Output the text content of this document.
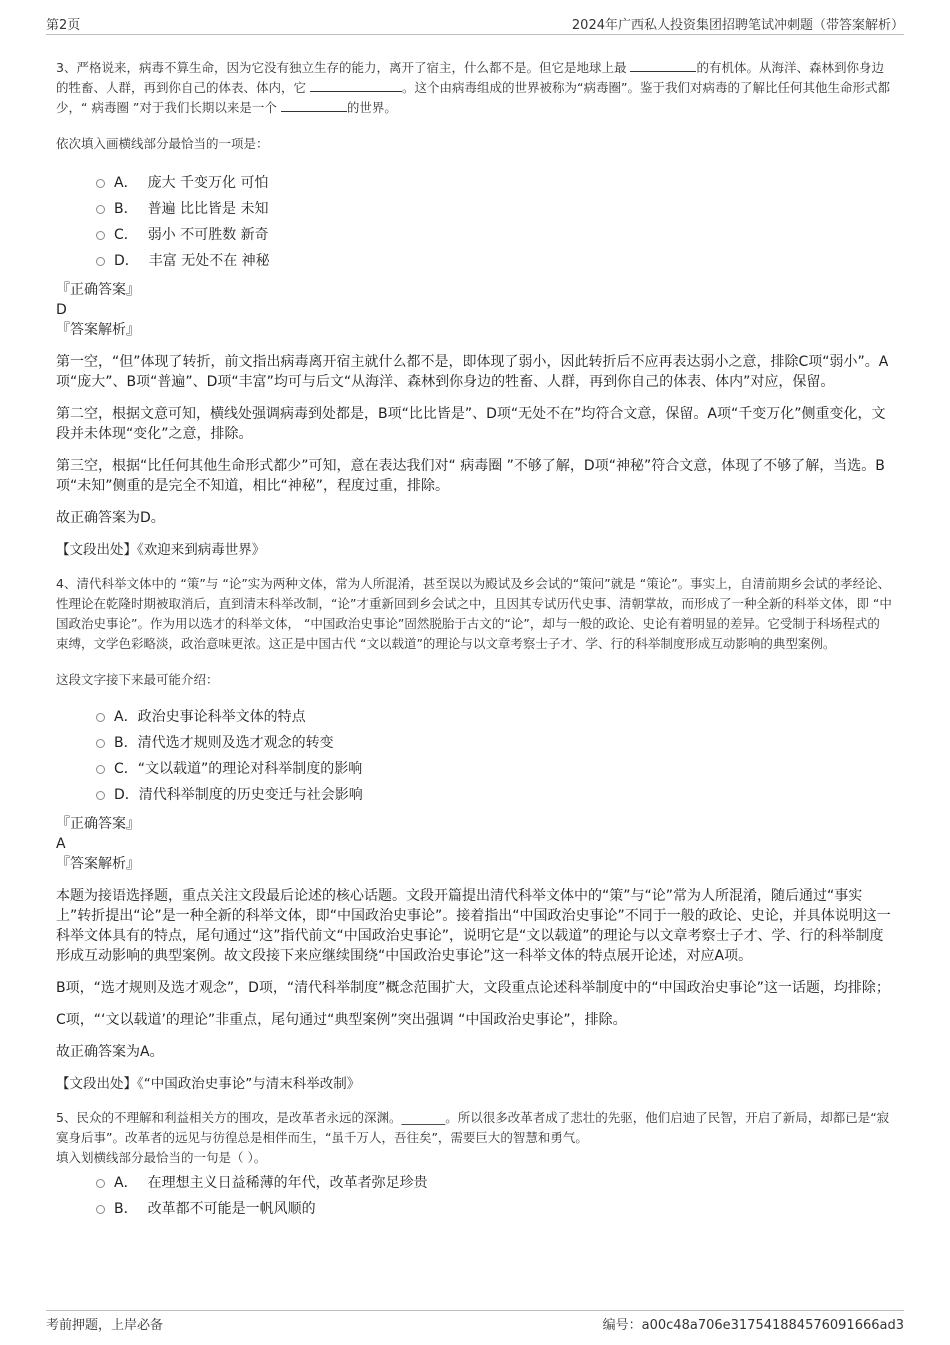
第2页	2024年广西私人投资集团招聘笔试冲刺题（带答案解析）

3、严格说来，病毒不算生命，因为它没有独立生存的能力，离开了宿主，什么都不是。但它是地球上最	的有机体。从海洋、森林到你身边的牲畜、人群，再到你自己的体表、体内，它	。这个由病毒组成的世界被称为“病毒圈”。鉴于我们对病毒的了解比任何其他生命形式都少，“ 病毒圈 ”对于我们长期以来是一个	的世界。

依次填入画横线部分最恰当的一项是：

A． 庞大 千变万化 可怕
B． 普遍 比比皆是 未知
C． 弱小 不可胜数 新奇
D． 丰富 无处不在 神秘

『正确答案』

D

『答案解析』

第一空，“但”体现了转折，前文指出病毒离开宿主就什么都不是，即体现了弱小，因此转折后不应再表达弱小之意，排除C项“弱小”。A项“庞大”、B项“普遍”、D项“丰富”均可与后文“从海洋、森林到你身边的牲畜、人群，再到你自己的体表、体内”对应，保留。

第二空，根据文意可知，横线处强调病毒到处都是，B项“比比皆是”、D项“无处不在”均符合文意，保留。A项“千变万化”侧重变化，文段并未体现“变化”之意，排除。

第三空，根据“比任何其他生命形式都少”可知，意在表达我们对“ 病毒圈 ”不够了解，D项“神秘”符合文意，体现了不够了解，当选。B项“未知”侧重的是完全不知道，相比“神秘”，程度过重，排除。

故正确答案为D。

【文段出处】《欢迎来到病毒世界》

4、清代科举文体中的 “策”与 “论”实为两种文体，常为人所混淆，甚至误以为殿试及乡会试的“策问”就是 “策论”。事实上，自清前期乡会试的孝经论、性理论在乾隆时期被取消后，直到清末科举改制，“论”才重新回到乡会试之中，且因其专试历代史事、清朝掌故，而形成了一种全新的科举文体，即 “中国政治史事论”。作为用以选才的科举文体， “中国政治史事论”固然脱胎于古文的“论”，却与一般的政论、史论有着明显的差异。它受制于科场程式的束缚，文学色彩略淡，政治意味更浓。这正是中国古代 “文以载道”的理论与以文章考察士子才、学、行的科举制度形成互动影响的典型案例。

这段文字接下来最可能介绍：

A．政治史事论科举文体的特点
B．清代选才规则及选才观念的转变
C．“文以载道”的理论对科举制度的影响
D．清代科举制度的历史变迁与社会影响

『正确答案』

A

『答案解析』

本题为接语选择题，重点关注文段最后论述的核心话题。文段开篇提出清代科举文体中的“策”与“论”常为人所混淆，随后通过“事实上”转折提出“论”是一种全新的科举文体，即“中国政治史事论”。接着指出“中国政治史事论”不同于一般的政论、史论，并具体说明这一科举文体具有的特点，尾句通过“这”指代前文“中国政治史事论”，说明它是“文以载道”的理论与以文章考察士子才、学、行的科举制度形成互动影响的典型案例。故文段接下来应继续围绕“中国政治史事论”这一科举文体的特点展开论述，对应A项。

B项，“选才规则及选才观念”，D项，“清代科举制度”概念范围扩大，文段重点论述科举制度中的“中国政治史事论”这一话题，均排除；

C项，“‘文以载道’的理论”非重点，尾句通过“典型案例”突出强调 “中国政治史事论”，排除。

故正确答案为A。

【文段出处】《“中国政治史事论”与清末科举改制》

5、民众的不理解和利益相关方的围攻，是改革者永远的深渊。_______。所以很多改革者成了悲壮的先驱，他们启迪了民智，开启了新局，却都已是“寂寞身后事”。改革者的远见与彷徨总是相伴而生，“虽千万人，吾往矣”，需要巨大的智慧和勇气。

填入划横线部分最恰当的一句是（ ）。

A． 在理想主义日益稀薄的年代，改革者弥足珍贵
B． 改革都不可能是一帆风顺的
考前押题，上岸必备	编号：a00c48a706e317541884576091666ad3
